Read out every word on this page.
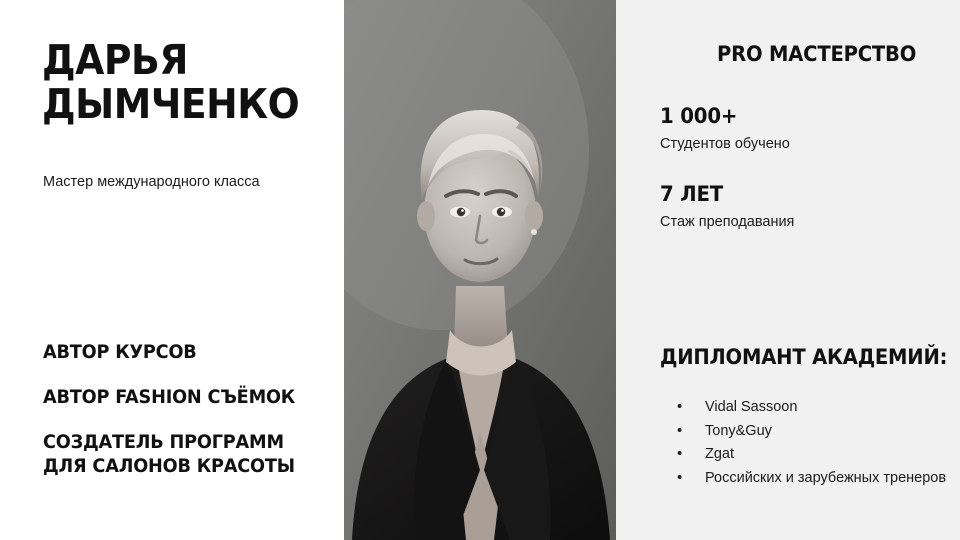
ДАРЬЯ
ДЫМЧЕНКО
Мастер международного класса
АВТОР КУРСОВ
АВТОР FASHION СЪЁМОК
СОЗДАТЕЛЬ ПРОГРАММ
ДЛЯ САЛОНОВ КРАСОТЫ
PRO МАСТЕРСТВО
1 000+
Студентов обучено
7 ЛЕТ
Стаж преподавания
ДИПЛОМАНТ АКАДЕМИЙ:
• Vidal Sassoon
• Tony&Guy
• Zgat
• Российских и зарубежных тренеров
